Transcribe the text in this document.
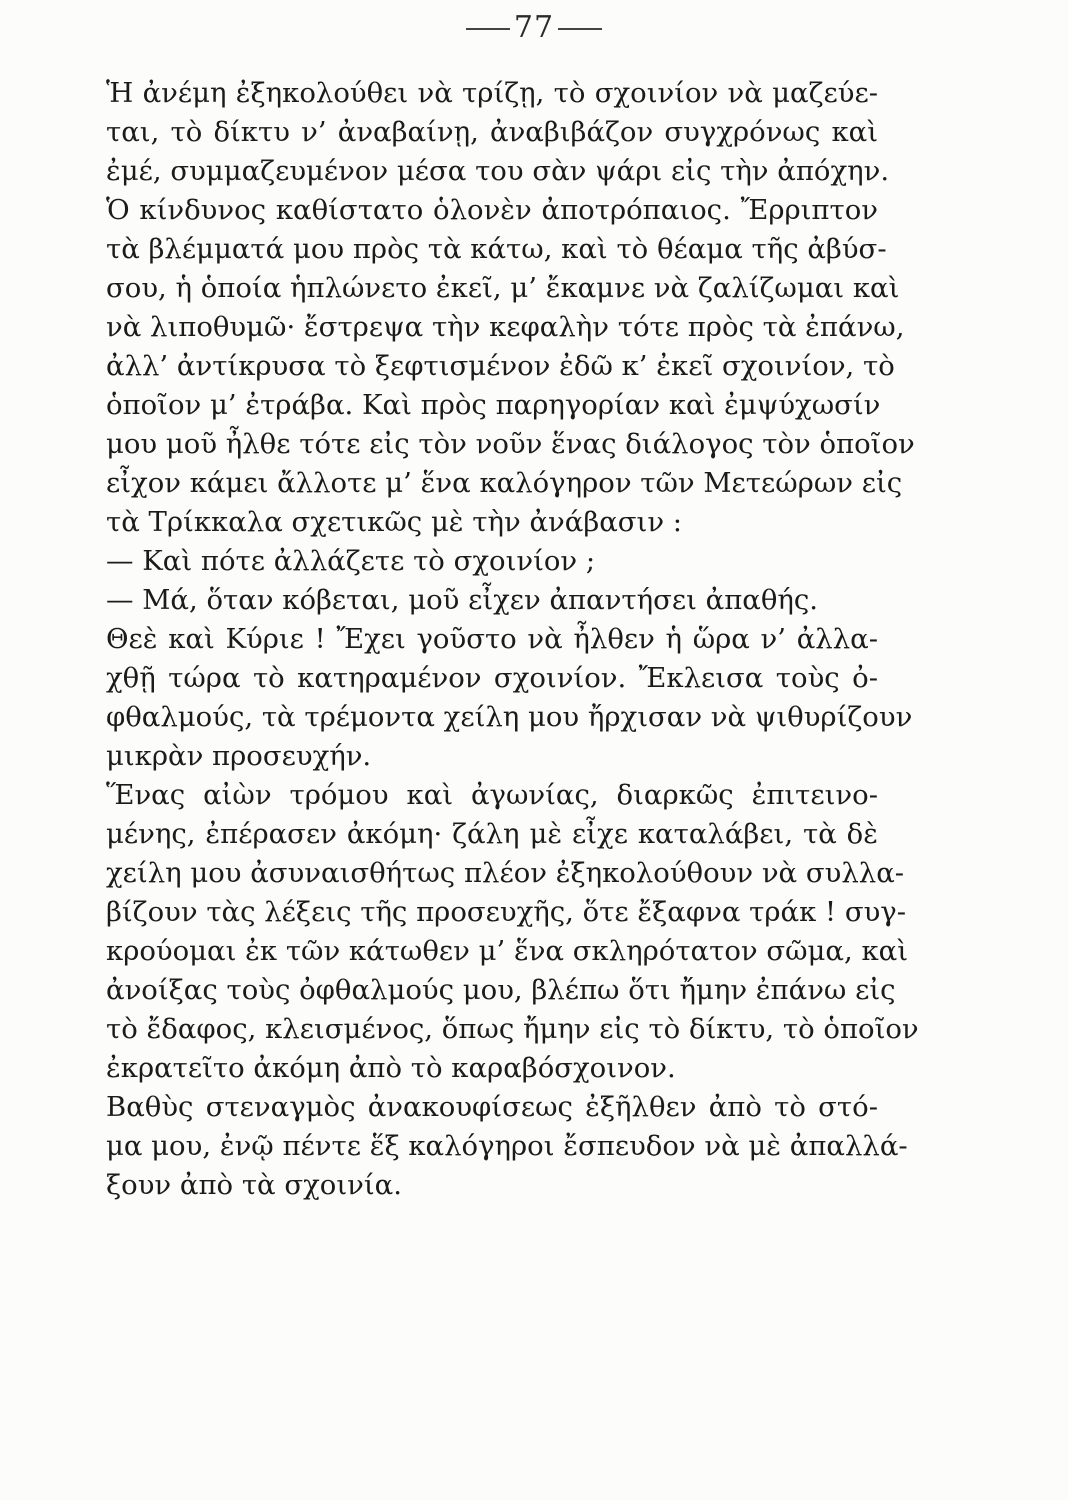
77
Ἡ ἀνέμη ἐξηκολούθει νὰ τρίζῃ, τὸ σχοινίον νὰ μαζεύε-
ται, τὸ δίκτυ ν’ ἀναβαίνῃ, ἀναβιβάζον συγχρόνως καὶ
ἐμέ, συμμαζευμένον μέσα του σὰν ψάρι εἰς τὴν ἀπόχην.
Ὁ κίνδυνος καθίστατο ὁλονὲν ἀποτρόπαιος. Ἔρριπτον
τὰ βλέμματά μου πρὸς τὰ κάτω, καὶ τὸ θέαμα τῆς ἀβύσ-
σου, ἡ ὁποία ἡπλώνετο ἐκεῖ, μ’ ἔκαμνε νὰ ζαλίζωμαι καὶ
νὰ λιποθυμῶ· ἔστρεψα τὴν κεφαλὴν τότε πρὸς τὰ ἐπάνω,
ἀλλ’ ἀντίκρυσα τὸ ξεφτισμένον ἐδῶ κ’ ἐκεῖ σχοινίον, τὸ
ὁποῖον μ’ ἐτράβα. Καὶ πρὸς παρηγορίαν καὶ ἐμψύχωσίν
μου μοῦ ἦλθε τότε εἰς τὸν νοῦν ἕνας διάλογος τὸν ὁποῖον
εἶχον κάμει ἄλλοτε μ’ ἕνα καλόγηρον τῶν Μετεώρων εἰς
τὰ Τρίκκαλα σχετικῶς μὲ τὴν ἀνάβασιν :
— Καὶ πότε ἀλλάζετε τὸ σχοινίον ;
— Μά, ὅταν κόβεται, μοῦ εἶχεν ἀπαντήσει ἀπαθής.
Θεὲ καὶ Κύριε ! Ἔχει γοῦστο νὰ ἦλθεν ἡ ὥρα ν’ ἀλλα-
χθῇ τώρα τὸ κατηραμένον σχοινίον. Ἔκλεισα τοὺς ὀ-
φθαλμούς, τὰ τρέμοντα χείλη μου ἤρχισαν νὰ ψιθυρίζουν
μικρὰν προσευχήν.
Ἕνας αἰὼν τρόμου καὶ ἀγωνίας, διαρκῶς ἐπιτεινο-
μένης, ἐπέρασεν ἀκόμη· ζάλη μὲ εἶχε καταλάβει, τὰ δὲ
χείλη μου ἀσυναισθήτως πλέον ἐξηκολούθουν νὰ συλλα-
βίζουν τὰς λέξεις τῆς προσευχῆς, ὅτε ἔξαφνα τράκ ! συγ-
κρούομαι ἐκ τῶν κάτωθεν μ’ ἕνα σκληρότατον σῶμα, καὶ
ἀνοίξας τοὺς ὀφθαλμούς μου, βλέπω ὅτι ἤμην ἐπάνω εἰς
τὸ ἔδαφος, κλεισμένος, ὅπως ἤμην εἰς τὸ δίκτυ, τὸ ὁποῖον
ἐκρατεῖτο ἀκόμη ἀπὸ τὸ καραβόσχοινον.
Βαθὺς στεναγμὸς ἀνακουφίσεως ἐξῆλθεν ἀπὸ τὸ στό-
μα μου, ἐνῷ πέντε ἕξ καλόγηροι ἔσπευδον νὰ μὲ ἀπαλλά-
ξουν ἀπὸ τὰ σχοινία.
